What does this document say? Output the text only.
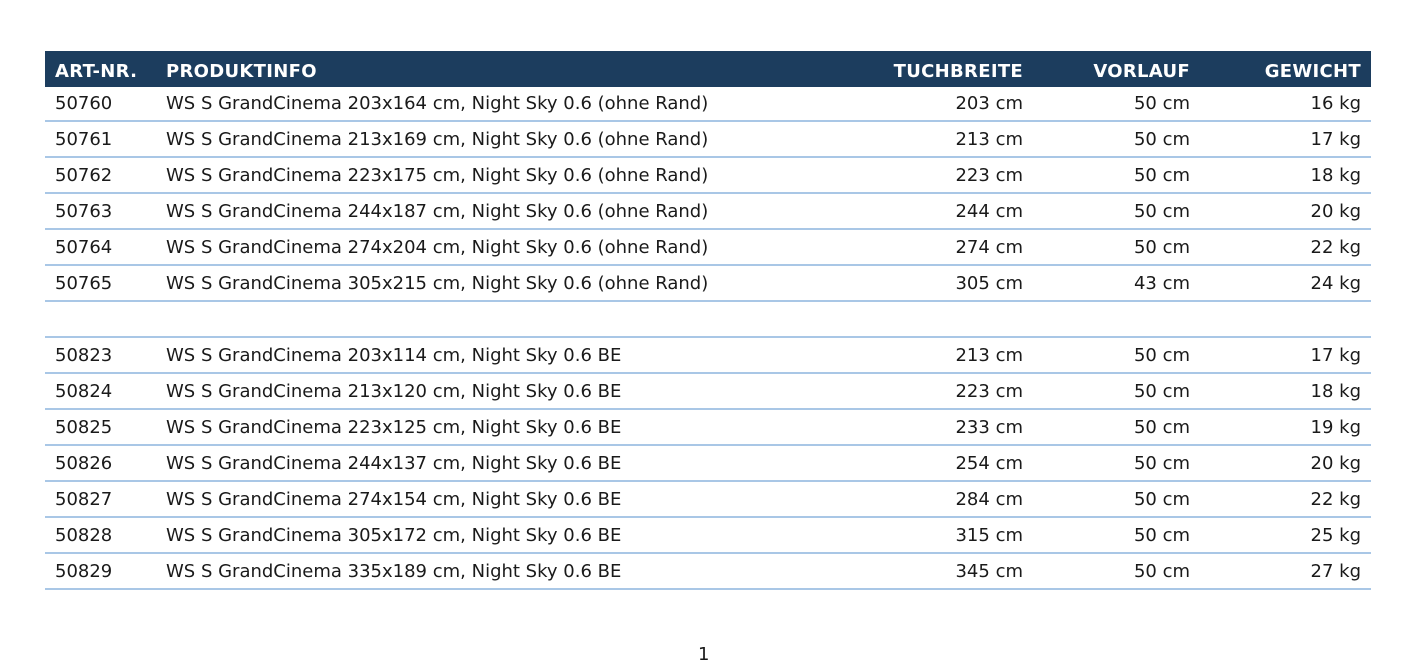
ART-NR.	PRODUKTINFO	TUCHBREITE	VORLAUF	GEWICHT
50760	WS S GrandCinema 203x164 cm, Night Sky 0.6 (ohne Rand)	203 cm	50 cm	16 kg
50761	WS S GrandCinema 213x169 cm, Night Sky 0.6 (ohne Rand)	213 cm	50 cm	17 kg
50762	WS S GrandCinema 223x175 cm, Night Sky 0.6 (ohne Rand)	223 cm	50 cm	18 kg
50763	WS S GrandCinema 244x187 cm, Night Sky 0.6 (ohne Rand)	244 cm	50 cm	20 kg
50764	WS S GrandCinema 274x204 cm, Night Sky 0.6 (ohne Rand)	274 cm	50 cm	22 kg
50765	WS S GrandCinema 305x215 cm, Night Sky 0.6 (ohne Rand)	305 cm	43 cm	24 kg

50823	WS S GrandCinema 203x114 cm, Night Sky 0.6 BE	213 cm	50 cm	17 kg
50824	WS S GrandCinema 213x120 cm, Night Sky 0.6 BE	223 cm	50 cm	18 kg
50825	WS S GrandCinema 223x125 cm, Night Sky 0.6 BE	233 cm	50 cm	19 kg
50826	WS S GrandCinema 244x137 cm, Night Sky 0.6 BE	254 cm	50 cm	20 kg
50827	WS S GrandCinema 274x154 cm, Night Sky 0.6 BE	284 cm	50 cm	22 kg
50828	WS S GrandCinema 305x172 cm, Night Sky 0.6 BE	315 cm	50 cm	25 kg
50829	WS S GrandCinema 335x189 cm, Night Sky 0.6 BE	345 cm	50 cm	27 kg
1
